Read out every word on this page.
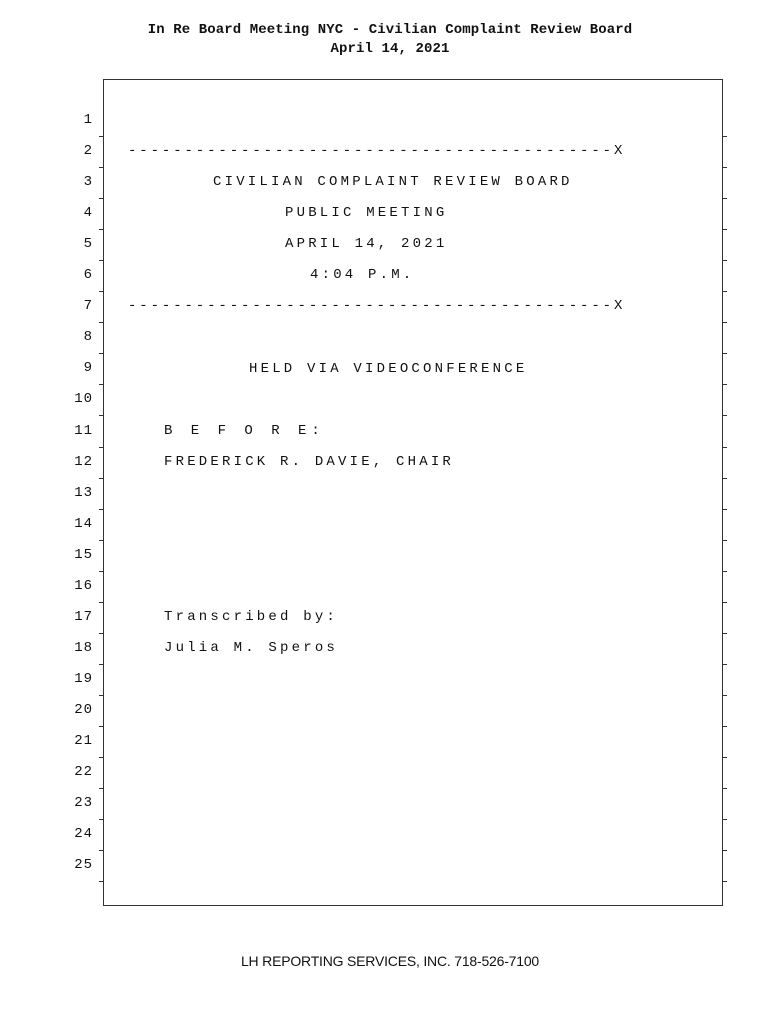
In Re Board Meeting NYC - Civilian Complaint Review Board
April 14, 2021
1
2
3
4
5
6
7
8
9
10
11
12
13
14
15
16
17
18
19
20
21
22
23
24
25
-------------------------------------------X
CIVILIAN COMPLAINT REVIEW BOARD
PUBLIC MEETING
APRIL 14, 2021
4:04 P.M.
-------------------------------------------X
HELD VIA VIDEOCONFERENCE
B E F O R E:
FREDERICK R. DAVIE, CHAIR
Transcribed by:
Julia M. Speros
LH REPORTING SERVICES, INC. 718-526-7100
